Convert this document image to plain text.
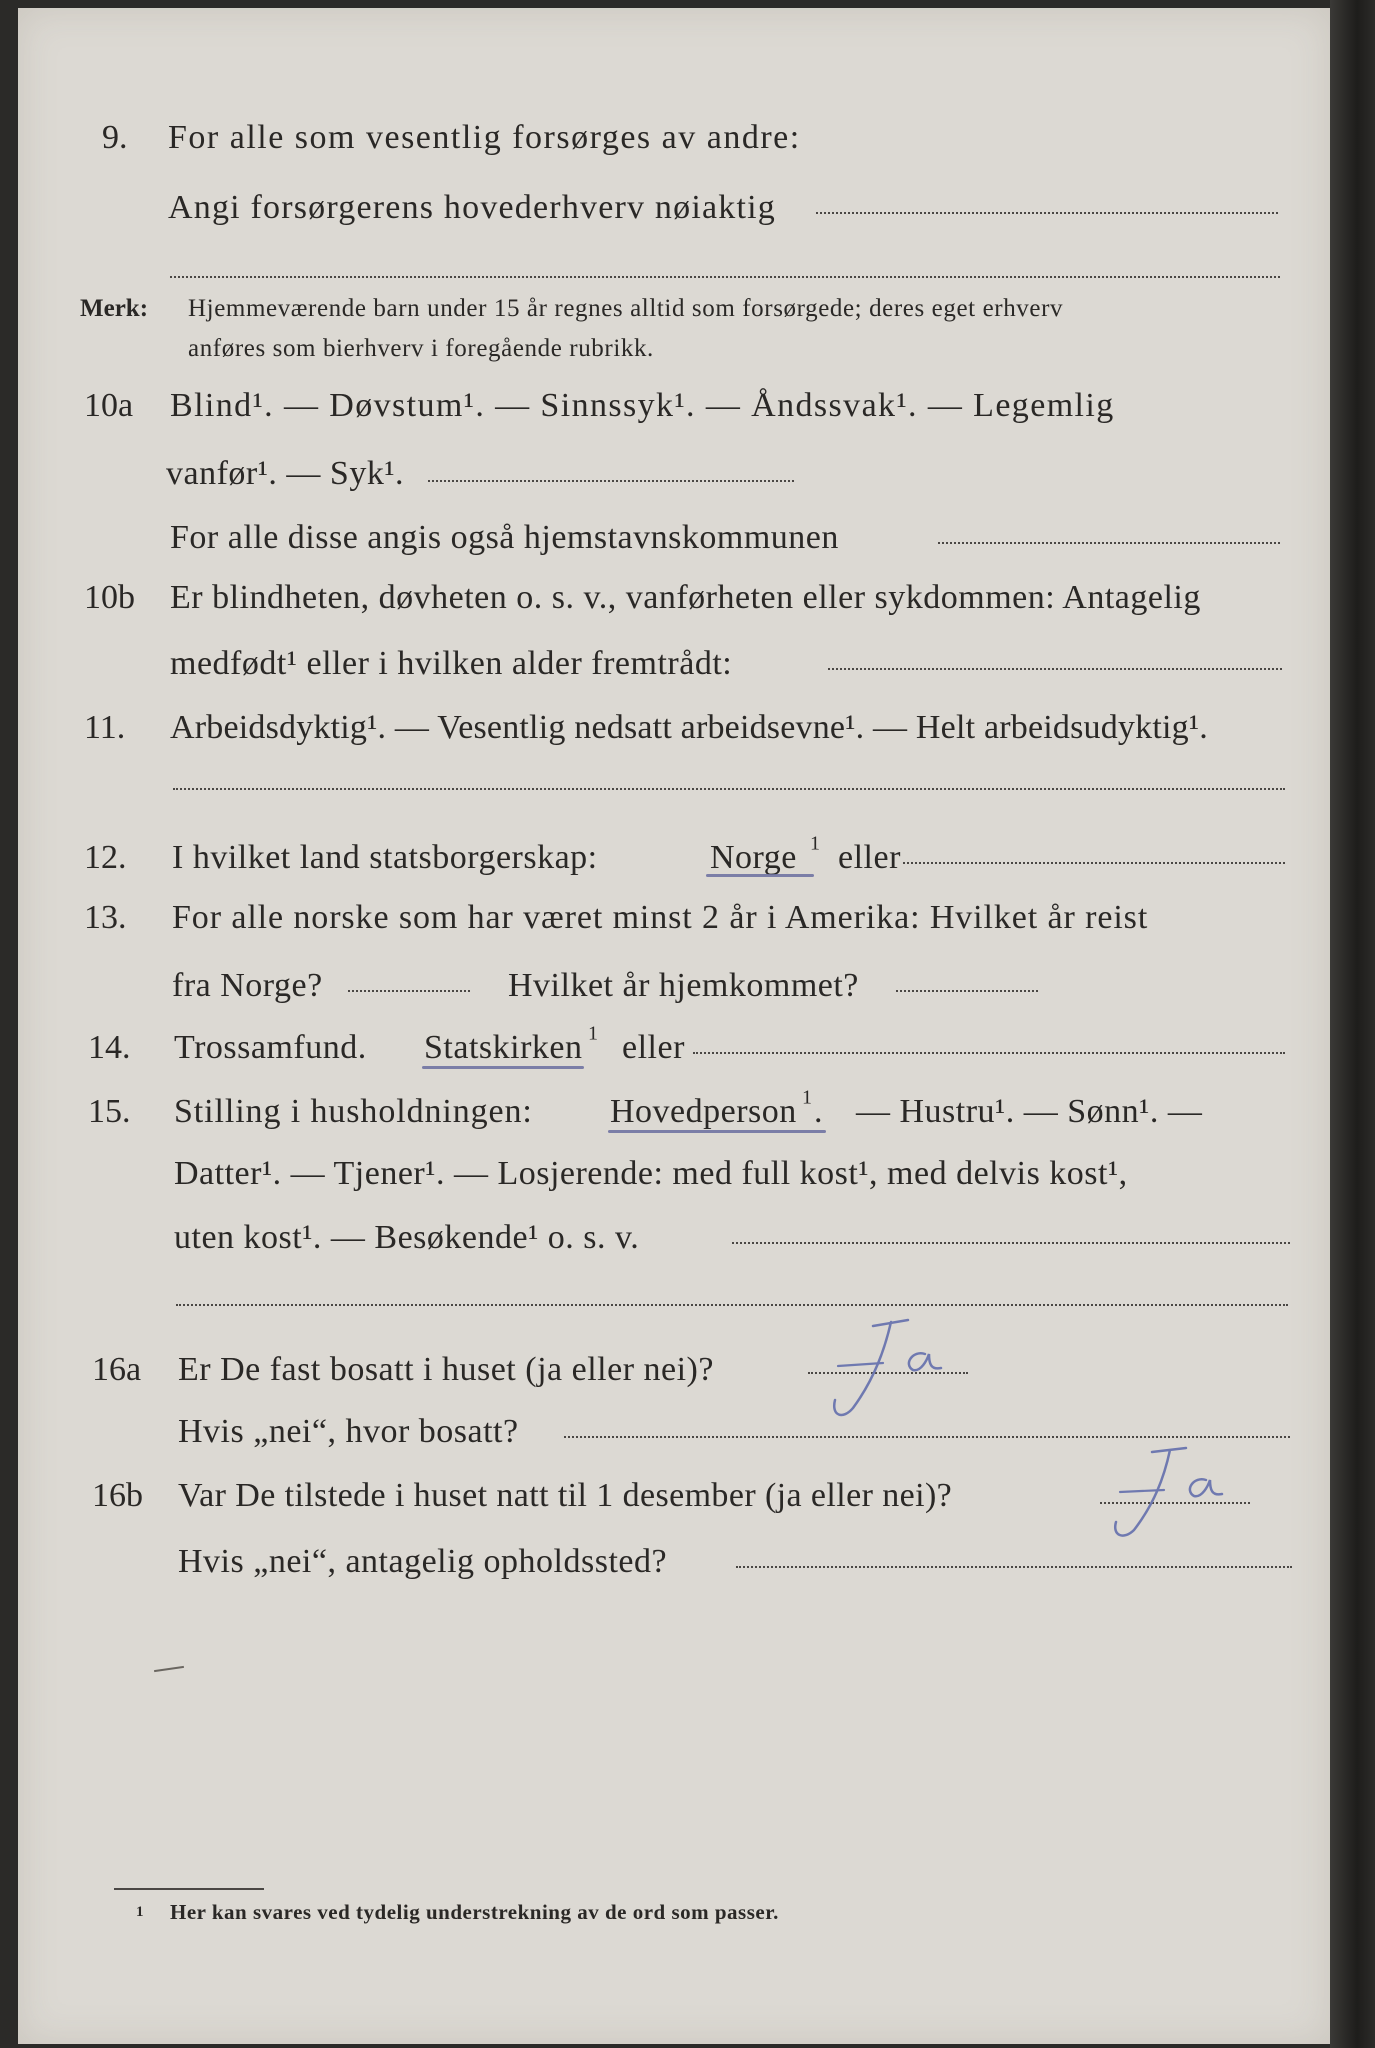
9. For alle som vesentlig forsørges av andre:
Angi forsørgerens hovederhverv nøiaktig
Merk: Hjemmeværende barn under 15 år regnes alltid som forsørgede; deres eget erhverv
anføres som bierhverv i foregående rubrikk.
10a Blind¹. — Døvstum¹. — Sinnssyk¹. — Åndssvak¹. — Legemlig
vanfør¹. — Syk¹.
For alle disse angis også hjemstavnskommunen
10b Er blindheten, døvheten o. s. v., vanførheten eller sykdommen: Antagelig
medfødt¹ eller i hvilken alder fremtrådt:
11. Arbeidsdyktig¹. — Vesentlig nedsatt arbeidsevne¹. — Helt arbeidsudyktig¹.
12. I hvilket land statsborgerskap:	Norge $^1$ eller
13. For alle norske som har været minst 2 år i Amerika: Hvilket år reist
fra Norge?	Hvilket år hjemkommet?
14. Trossamfund. Statskirken $^1$ eller
15. Stilling i husholdningen: Hovedperson $^1$ . — Hustru¹. — Sønn¹. —
Datter¹. — Tjener¹. — Losjerende: med full kost¹, med delvis kost¹,
uten kost¹. — Besøkende¹ o. s. v.
16a Er De fast bosatt i huset (ja eller nei)?
Hvis „nei“, hvor bosatt?
16b Var De tilstede i huset natt til 1 desember (ja eller nei)?
Hvis „nei“, antagelig opholdssted?
1 Her kan svares ved tydelig understrekning av de ord som passer.
